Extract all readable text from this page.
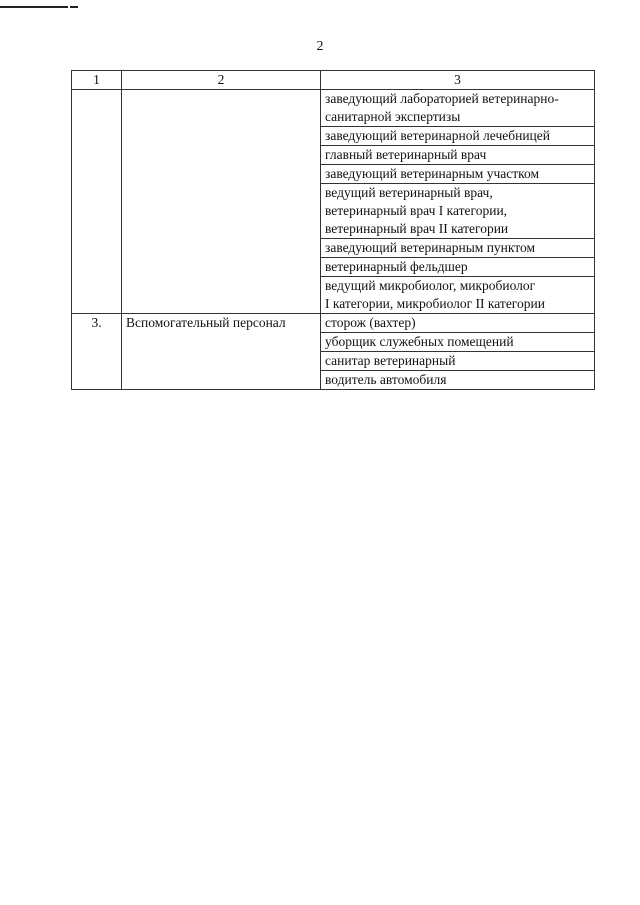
2
1	2	3

		заведующий лабораторией ветеринарно-
санитарной экспертизы

		заведующий ветеринарной лечебницей

		главный ветеринарный врач

		заведующий ветеринарным участком

		ведущий ветеринарный врач,
ветеринарный врач I категории,
ветеринарный врач II категории

		заведующий ветеринарным пунктом

		ветеринарный фельдшер

		ведущий микробиолог, микробиолог
I категории, микробиолог II категории

3.	Вспомогательный персонал	сторож (вахтер)

		уборщик служебных помещений

		санитар ветеринарный

		водитель автомобиля
